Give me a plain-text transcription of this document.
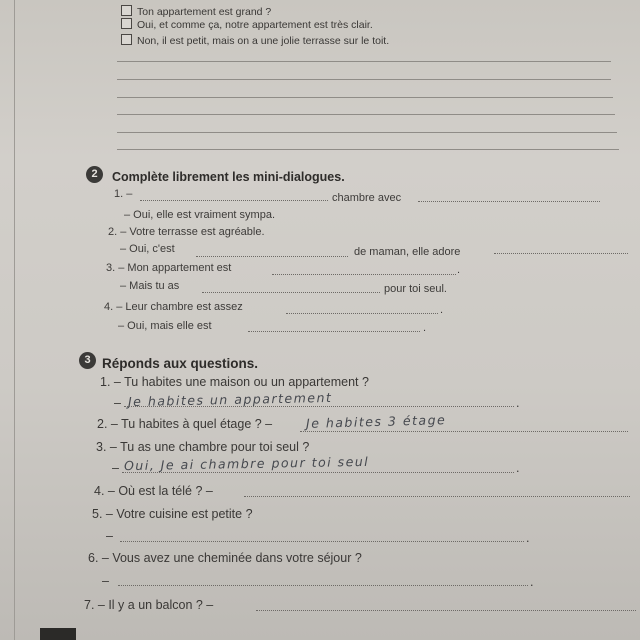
Ton appartement est grand ?
Oui, et comme ça, notre appartement est très clair.
Non, il est petit, mais on a une jolie terrasse sur le toit.
2	Complète librement les mini-dialogues.
1. –	chambre avec
– Oui, elle est vraiment sympa.
2. – Votre terrasse est agréable.
– Oui, c'est	de maman, elle adore
3. – Mon appartement est	.
– Mais tu as	pour toi seul.
4. – Leur chambre est assez	.
– Oui, mais elle est	.
3 Réponds aux questions.
1. – Tu habites une maison ou un appartement ?
– Je habites un appartement	.
2. – Tu habites à quel étage ? –	Je habites 3 étage
3. – Tu as une chambre pour toi seul ?
– Oui, Je ai chambre pour toi seul	.
4. – Où est la télé ? –
5. – Votre cuisine est petite ?
–	.
6. – Vous avez une cheminée dans votre séjour ?
–	.
7. – Il y a un balcon ? –
